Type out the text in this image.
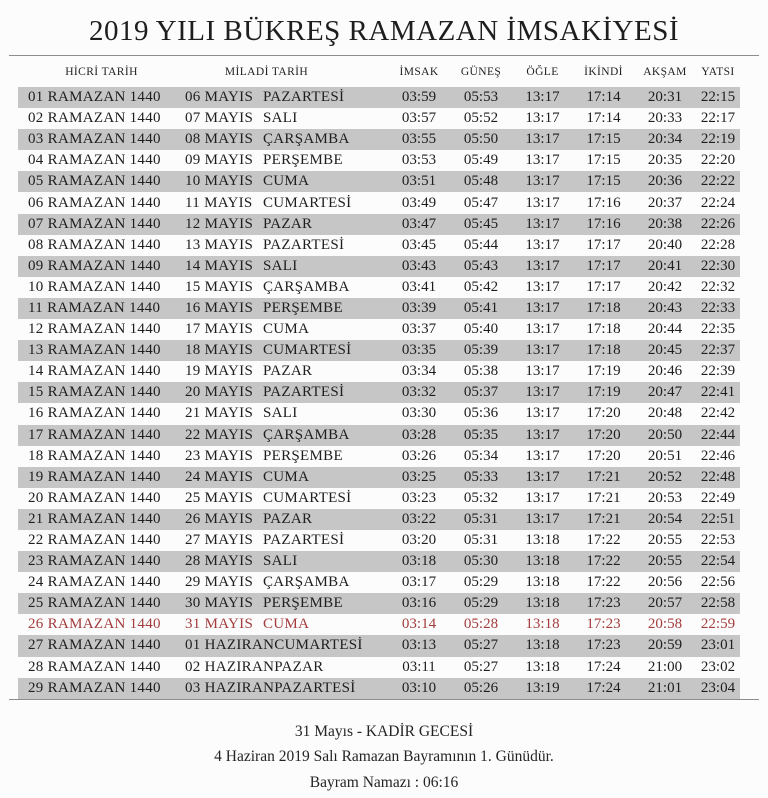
2019 YILI BÜKREŞ RAMAZAN İMSAKİYESİ
HİCRİ TARİH	MİLADİ TARİH	İMSAK	GÜNEŞ	ÖĞLE	İKİNDİ	AKŞAM	YATSI
01 RAMAZAN 1440	06 MAYIS PAZARTESİ	03:59	05:53	13:17	17:14	20:31	22:15
02 RAMAZAN 1440	07 MAYIS SALI	03:57	05:52	13:17	17:14	20:33	22:17
03 RAMAZAN 1440	08 MAYIS ÇARŞAMBA	03:55	05:50	13:17	17:15	20:34	22:19
04 RAMAZAN 1440	09 MAYIS PERŞEMBE	03:53	05:49	13:17	17:15	20:35	22:20
05 RAMAZAN 1440	10 MAYIS CUMA	03:51	05:48	13:17	17:15	20:36	22:22
06 RAMAZAN 1440	11 MAYIS CUMARTESİ	03:49	05:47	13:17	17:16	20:37	22:24
07 RAMAZAN 1440	12 MAYIS PAZAR	03:47	05:45	13:17	17:16	20:38	22:26
08 RAMAZAN 1440	13 MAYIS PAZARTESİ	03:45	05:44	13:17	17:17	20:40	22:28
09 RAMAZAN 1440	14 MAYIS SALI	03:43	05:43	13:17	17:17	20:41	22:30
10 RAMAZAN 1440	15 MAYIS ÇARŞAMBA	03:41	05:42	13:17	17:17	20:42	22:32
11 RAMAZAN 1440	16 MAYIS PERŞEMBE	03:39	05:41	13:17	17:18	20:43	22:33
12 RAMAZAN 1440	17 MAYIS CUMA	03:37	05:40	13:17	17:18	20:44	22:35
13 RAMAZAN 1440	18 MAYIS CUMARTESİ	03:35	05:39	13:17	17:18	20:45	22:37
14 RAMAZAN 1440	19 MAYIS PAZAR	03:34	05:38	13:17	17:19	20:46	22:39
15 RAMAZAN 1440	20 MAYIS PAZARTESİ	03:32	05:37	13:17	17:19	20:47	22:41
16 RAMAZAN 1440	21 MAYIS SALI	03:30	05:36	13:17	17:20	20:48	22:42
17 RAMAZAN 1440	22 MAYIS ÇARŞAMBA	03:28	05:35	13:17	17:20	20:50	22:44
18 RAMAZAN 1440	23 MAYIS PERŞEMBE	03:26	05:34	13:17	17:20	20:51	22:46
19 RAMAZAN 1440	24 MAYIS CUMA	03:25	05:33	13:17	17:21	20:52	22:48
20 RAMAZAN 1440	25 MAYIS CUMARTESİ	03:23	05:32	13:17	17:21	20:53	22:49
21 RAMAZAN 1440	26 MAYIS PAZAR	03:22	05:31	13:17	17:21	20:54	22:51
22 RAMAZAN 1440	27 MAYIS PAZARTESİ	03:20	05:31	13:18	17:22	20:55	22:53
23 RAMAZAN 1440	28 MAYIS SALI	03:18	05:30	13:18	17:22	20:55	22:54
24 RAMAZAN 1440	29 MAYIS ÇARŞAMBA	03:17	05:29	13:18	17:22	20:56	22:56
25 RAMAZAN 1440	30 MAYIS PERŞEMBE	03:16	05:29	13:18	17:23	20:57	22:58
26 RAMAZAN 1440	31 MAYIS CUMA	03:14	05:28	13:18	17:23	20:58	22:59
27 RAMAZAN 1440	01 HAZIRANCUMARTESİ	03:13	05:27	13:18	17:23	20:59	23:01
28 RAMAZAN 1440	02 HAZIRANPAZAR	03:11	05:27	13:18	17:24	21:00	23:02
29 RAMAZAN 1440	03 HAZIRANPAZARTESİ	03:10	05:26	13:19	17:24	21:01	23:04

31 Mayıs - KADİR GECESİ

4 Haziran 2019 Salı Ramazan Bayramının 1. Günüdür.

Bayram Namazı : 06:16
